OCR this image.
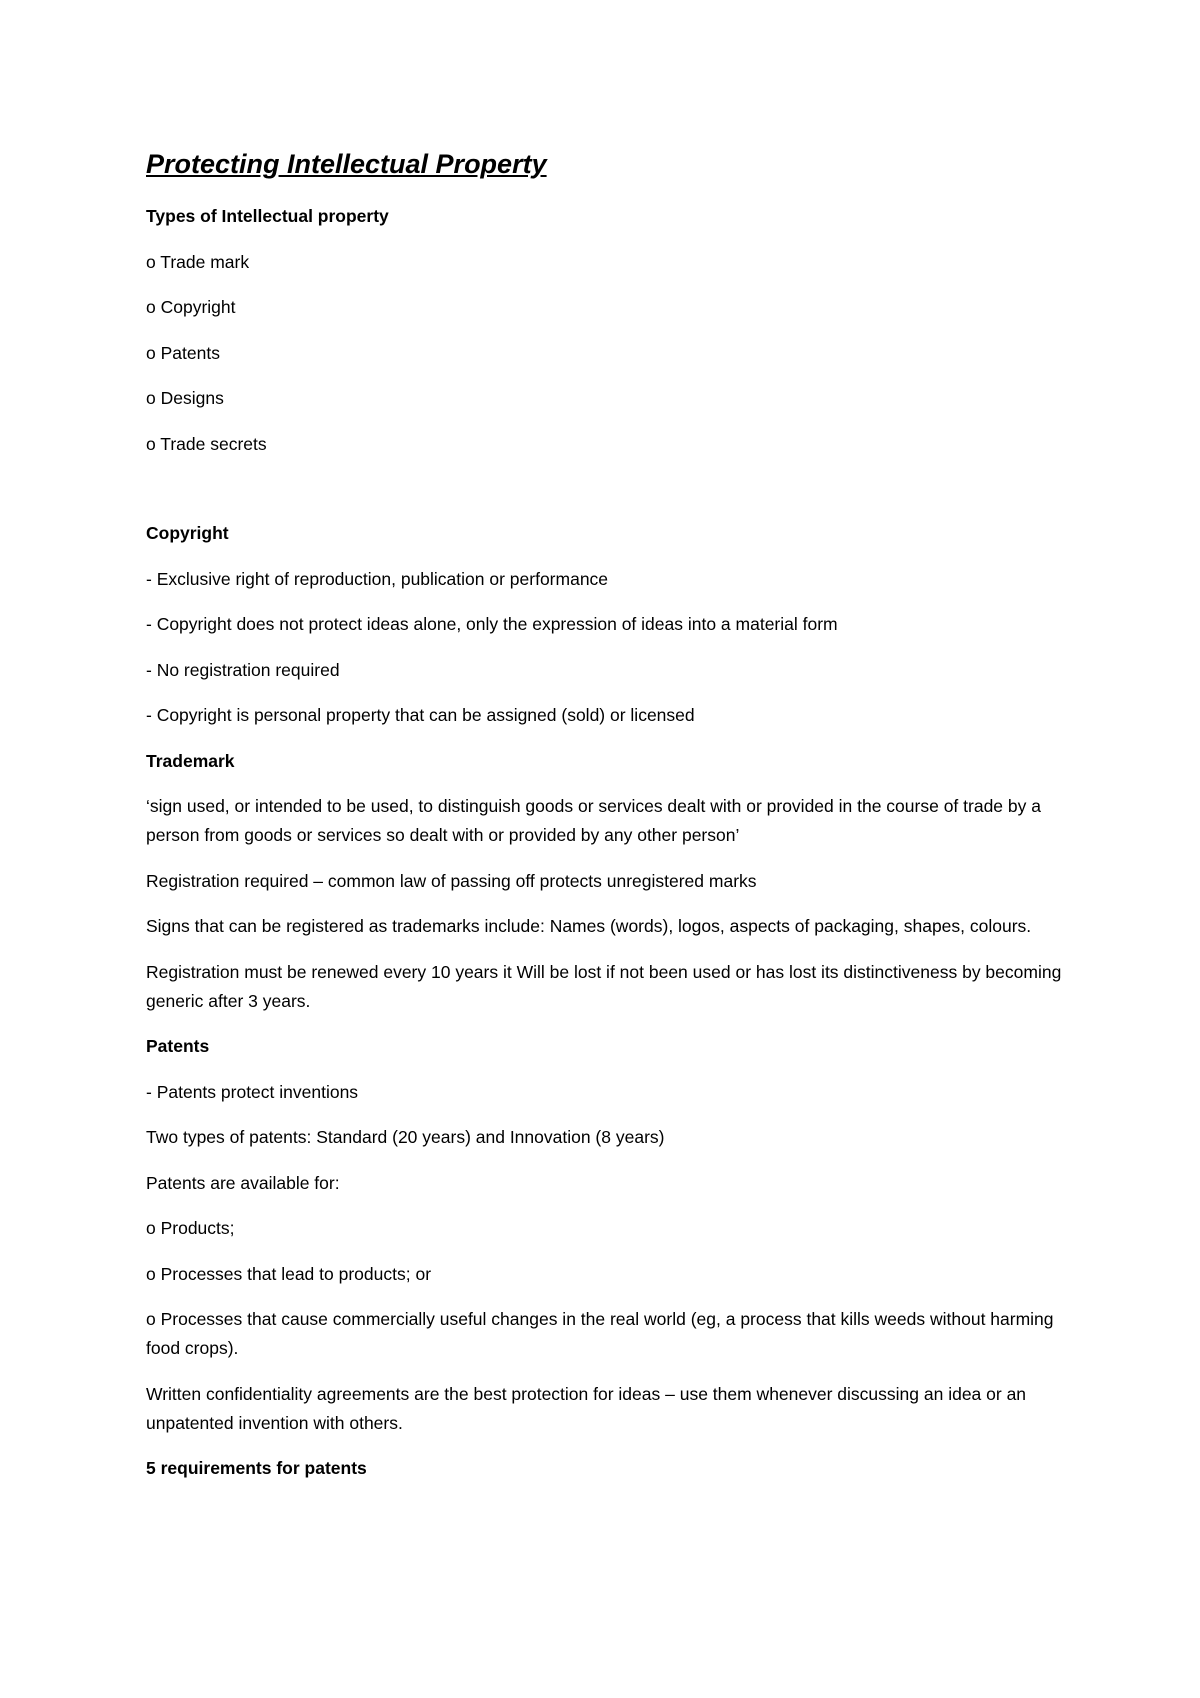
Protecting Intellectual Property
Types of Intellectual property
o Trade mark
o Copyright
o Patents
o Designs
o Trade secrets
Copyright
- Exclusive right of reproduction, publication or performance
- Copyright does not protect ideas alone, only the expression of ideas into a material form
- No registration required
- Copyright is personal property that can be assigned (sold) or licensed
Trademark
‘sign used, or intended to be used, to distinguish goods or services dealt with or provided in the course of trade by a person from goods or services so dealt with or provided by any other person’
Registration required – common law of passing off protects unregistered marks
Signs that can be registered as trademarks include: Names (words), logos, aspects of packaging, shapes, colours.
Registration must be renewed every 10 years it Will be lost if not been used or has lost its distinctiveness by becoming generic after 3 years.
Patents
- Patents protect inventions
Two types of patents: Standard (20 years) and Innovation (8 years)
Patents are available for:
o Products;
o Processes that lead to products; or
o Processes that cause commercially useful changes in the real world (eg, a process that kills weeds without harming food crops).
Written confidentiality agreements are the best protection for ideas – use them whenever discussing an idea or an unpatented invention with others.
5 requirements for patents
